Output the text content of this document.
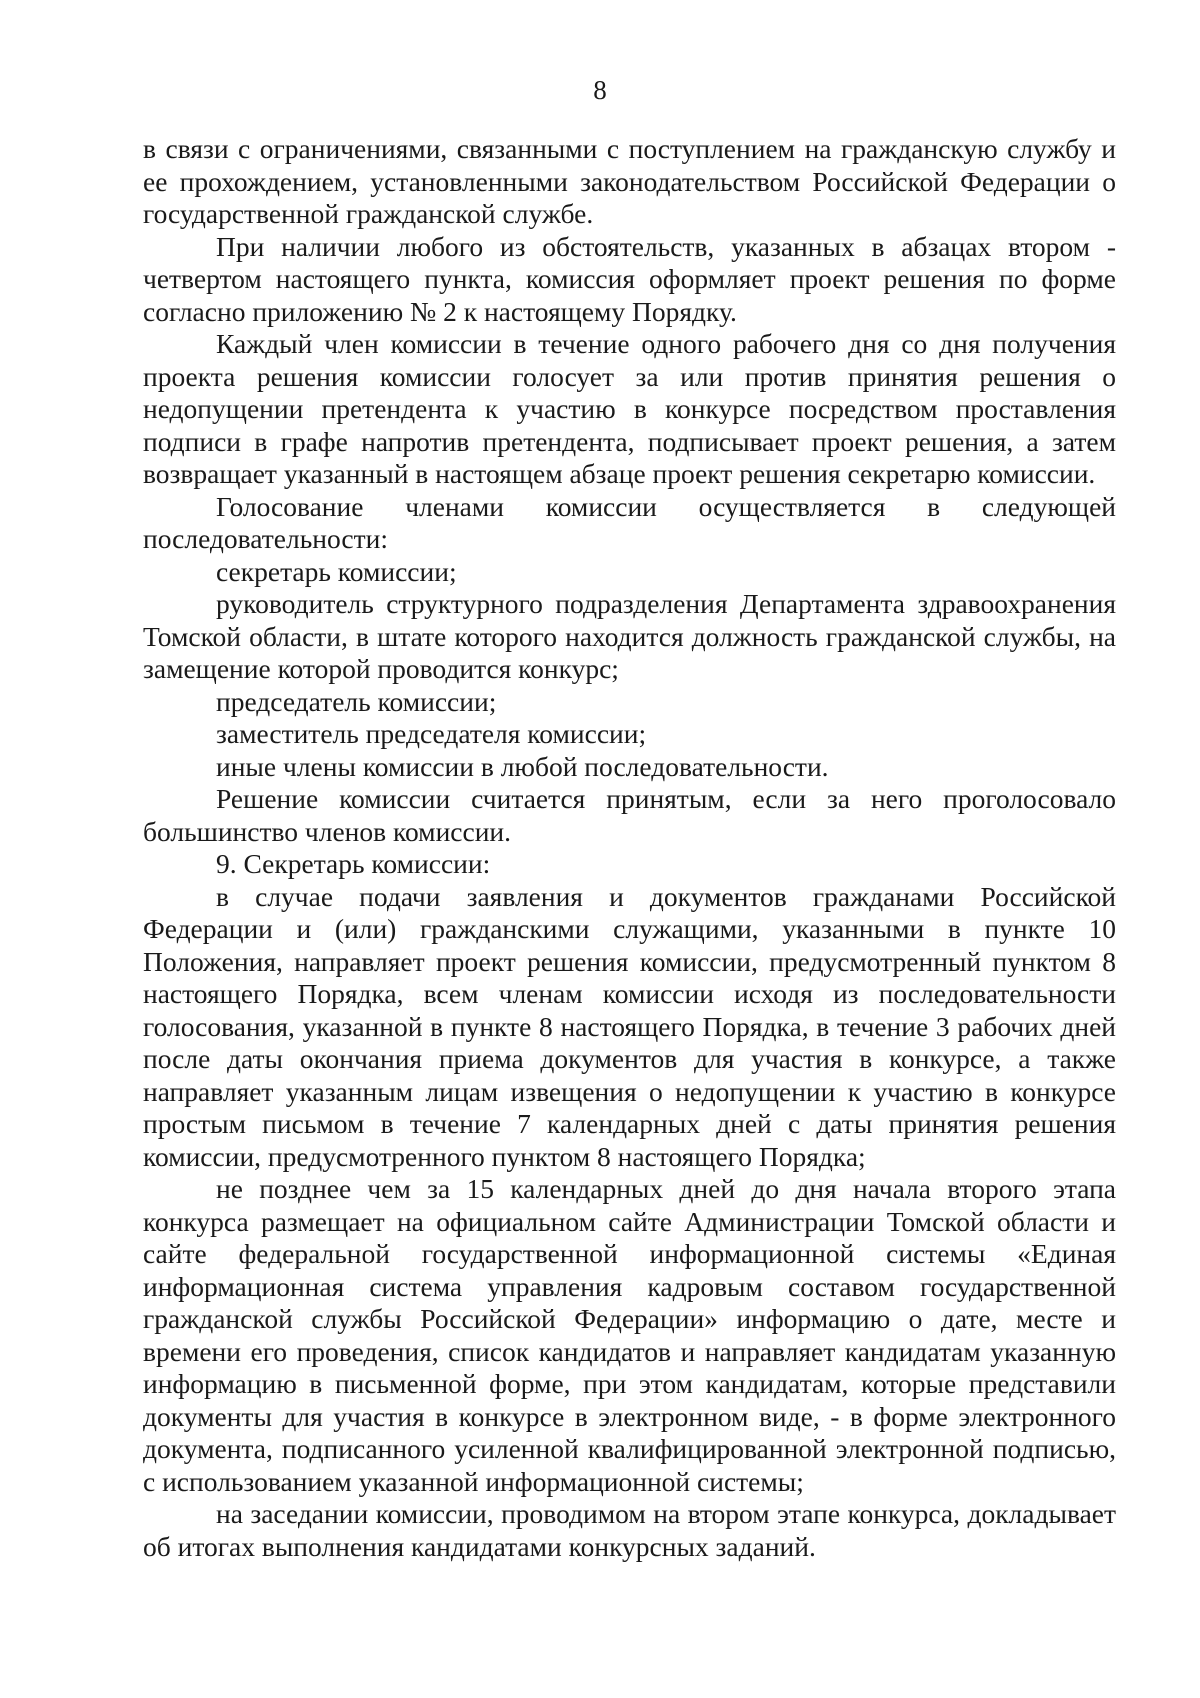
8

в связи с ограничениями, связанными с поступлением на гражданскую службу и ее прохождением, установленными законодательством Российской Федерации о государственной гражданской службе.

При наличии любого из обстоятельств, указанных в абзацах втором - четвертом настоящего пункта, комиссия оформляет проект решения по форме согласно приложению № 2 к настоящему Порядку.

Каждый член комиссии в течение одного рабочего дня со дня получения проекта решения комиссии голосует за или против принятия решения о недопущении претендента к участию в конкурсе посредством проставления подписи в графе напротив претендента, подписывает проект решения, а затем возвращает указанный в настоящем абзаце проект решения секретарю комиссии.

Голосование членами комиссии осуществляется в следующей последовательности:

секретарь комиссии;

руководитель структурного подразделения Департамента здравоохранения Томской области, в штате которого находится должность гражданской службы, на замещение которой проводится конкурс;

председатель комиссии;

заместитель председателя комиссии;

иные члены комиссии в любой последовательности.

Решение комиссии считается принятым, если за него проголосовало большинство членов комиссии.

9. Секретарь комиссии:

в случае подачи заявления и документов гражданами Российской Федерации и (или) гражданскими служащими, указанными в пункте 10 Положения, направляет проект решения комиссии, предусмотренный пунктом 8 настоящего Порядка, всем членам комиссии исходя из последовательности голосования, указанной в пункте 8 настоящего Порядка, в течение 3 рабочих дней после даты окончания приема документов для участия в конкурсе, а также направляет указанным лицам извещения о недопущении к участию в конкурсе простым письмом в течение 7 календарных дней с даты принятия решения комиссии, предусмотренного пунктом 8 настоящего Порядка;

не позднее чем за 15 календарных дней до дня начала второго этапа конкурса размещает на официальном сайте Администрации Томской области и сайте федеральной государственной информационной системы «Единая информационная система управления кадровым составом государственной гражданской службы Российской Федерации» информацию о дате, месте и времени его проведения, список кандидатов и направляет кандидатам указанную информацию в письменной форме, при этом кандидатам, которые представили документы для участия в конкурсе в электронном виде, - в форме электронного документа, подписанного усиленной квалифицированной электронной подписью, с использованием указанной информационной системы;

на заседании комиссии, проводимом на втором этапе конкурса, докладывает об итогах выполнения кандидатами конкурсных заданий.
